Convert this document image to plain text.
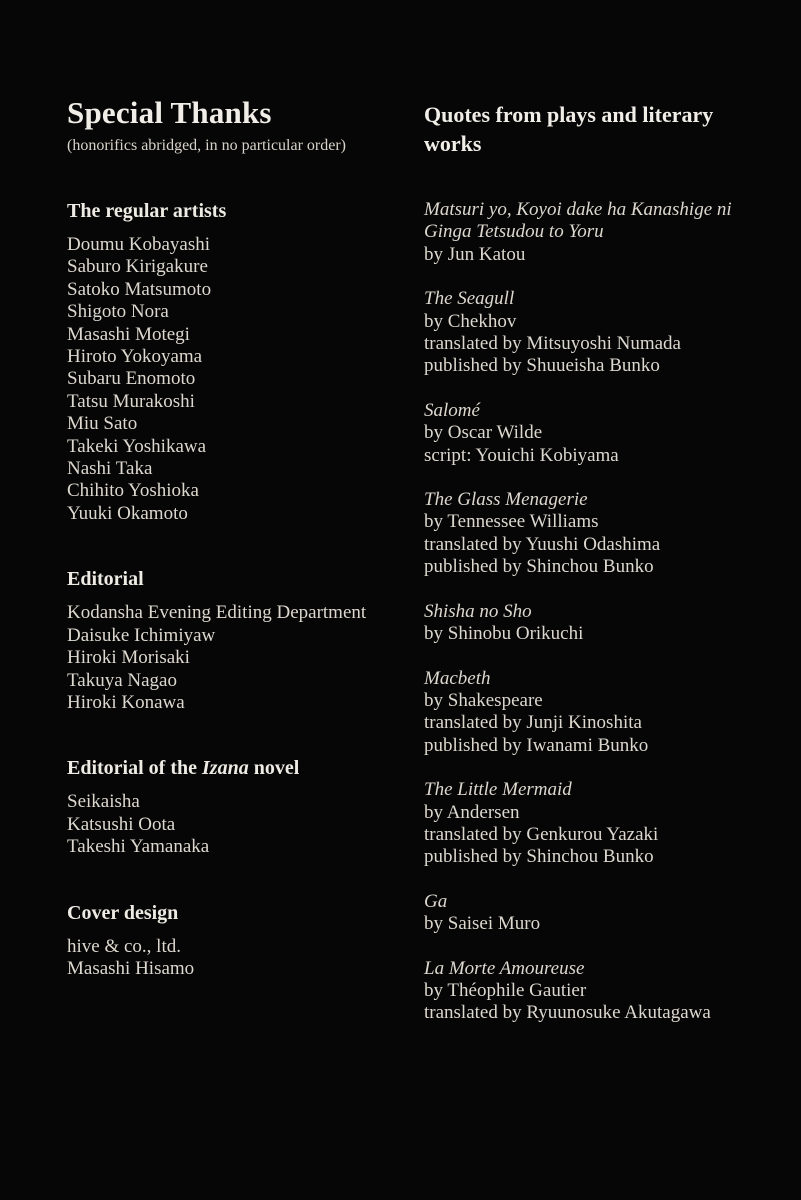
Special Thanks
(honorifics abridged, in no particular order)
The regular artists
Doumu Kobayashi
Saburo Kirigakure
Satoko Matsumoto
Shigoto Nora
Masashi Motegi
Hiroto Yokoyama
Subaru Enomoto
Tatsu Murakoshi
Miu Sato
Takeki Yoshikawa
Nashi Taka
Chihito Yoshioka
Yuuki Okamoto
Editorial
Kodansha Evening Editing Department
Daisuke Ichimiyaw
Hiroki Morisaki
Takuya Nagao
Hiroki Konawa
Editorial of the Izana novel
Seikaisha
Katsushi Oota
Takeshi Yamanaka
Cover design
hive & co., ltd.
Masashi Hisamo
Quotes from plays and literary works
Matsuri yo, Koyoi dake ha Kanashige ni
Ginga Tetsudou to Yoru
by Jun Katou
The Seagull
by Chekhov
translated by Mitsuyoshi Numada
published by Shuueisha Bunko
Salomé
by Oscar Wilde
script: Youichi Kobiyama
The Glass Menagerie
by Tennessee Williams
translated by Yuushi Odashima
published by Shinchou Bunko
Shisha no Sho
by Shinobu Orikuchi
Macbeth
by Shakespeare
translated by Junji Kinoshita
published by Iwanami Bunko
The Little Mermaid
by Andersen
translated by Genkurou Yazaki
published by Shinchou Bunko
Ga
by Saisei Muro
La Morte Amoureuse
by Théophile Gautier
translated by Ryuunosuke Akutagawa
